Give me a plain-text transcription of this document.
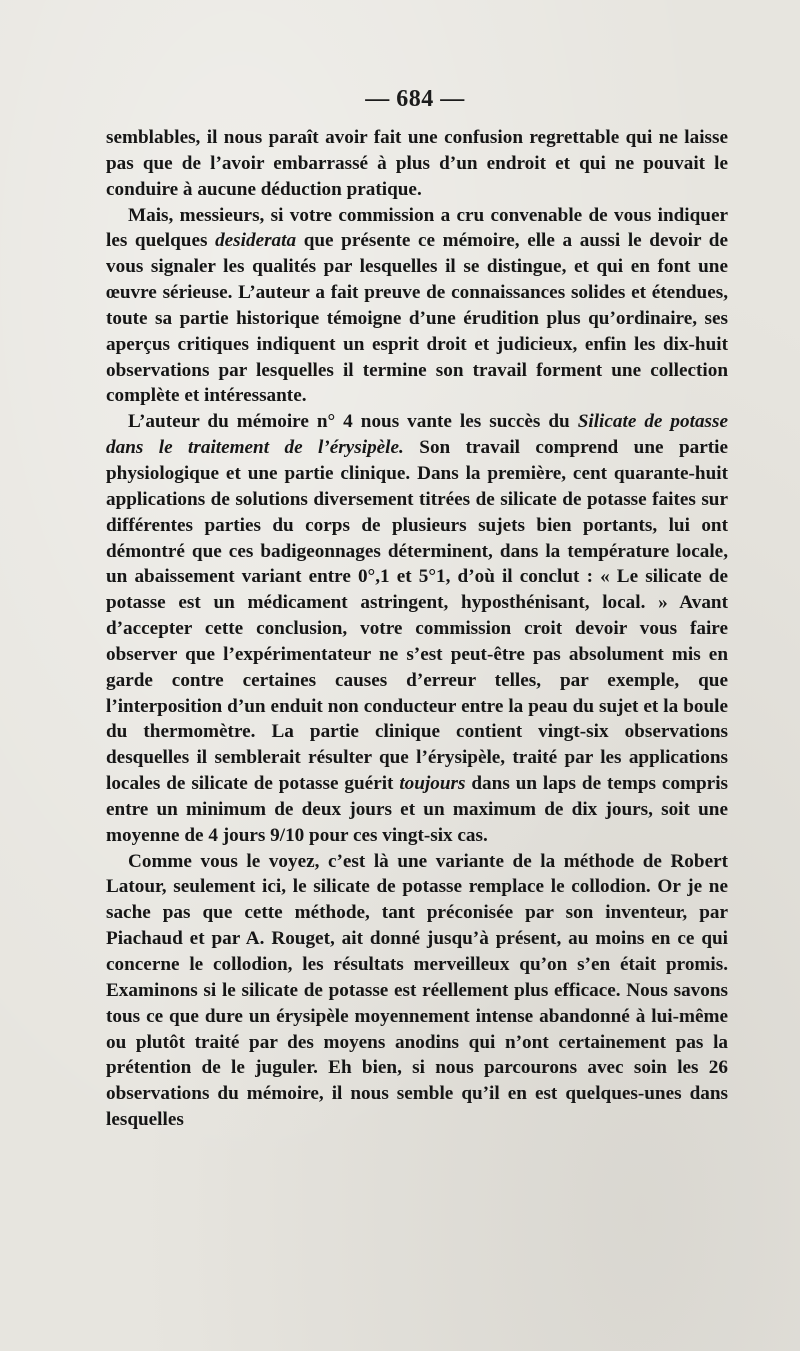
— 684 —

semblables, il nous paraît avoir fait une confusion regrettable qui ne laisse pas que de l’avoir embarrassé à plus d’un endroit et qui ne pouvait le conduire à aucune déduction pratique.

Mais, messieurs, si votre commission a cru convenable de vous indiquer les quelques desiderata que présente ce mémoire, elle a aussi le devoir de vous signaler les qualités par lesquelles il se distingue, et qui en font une œuvre sérieuse. L’auteur a fait preuve de connaissances solides et étendues, toute sa partie historique témoigne d’une érudition plus qu’ordinaire, ses aperçus critiques indiquent un esprit droit et judicieux, enfin les dix-huit observations par lesquelles il termine son travail forment une collection complète et intéressante.

L’auteur du mémoire n° 4 nous vante les succès du Silicate de potasse dans le traitement de l’érysipèle. Son travail comprend une partie physiologique et une partie clinique. Dans la première, cent quarante-huit applications de solutions diversement titrées de silicate de potasse faites sur différentes parties du corps de plusieurs sujets bien portants, lui ont démontré que ces badigeonnages déterminent, dans la température locale, un abaissement variant entre 0°,1 et 5°1, d’où il conclut : « Le silicate de potasse est un médicament astringent, hyposthénisant, local. » Avant d’accepter cette conclusion, votre commission croit devoir vous faire observer que l’expérimentateur ne s’est peut-être pas absolument mis en garde contre certaines causes d’erreur telles, par exemple, que l’interposition d’un enduit non conducteur entre la peau du sujet et la boule du thermomètre. La partie clinique contient vingt-six observations desquelles il semblerait résulter que l’érysipèle, traité par les applications locales de silicate de potasse guérit toujours dans un laps de temps compris entre un minimum de deux jours et un maximum de dix jours, soit une moyenne de 4 jours 9/10 pour ces vingt-six cas.

Comme vous le voyez, c’est là une variante de la méthode de Robert Latour, seulement ici, le silicate de potasse remplace le collodion. Or je ne sache pas que cette méthode, tant préconisée par son inventeur, par Piachaud et par A. Rouget, ait donné jusqu’à présent, au moins en ce qui concerne le collodion, les résultats merveilleux qu’on s’en était promis. Examinons si le silicate de potasse est réellement plus efficace. Nous savons tous ce que dure un érysipèle moyennement intense abandonné à lui-même ou plutôt traité par des moyens anodins qui n’ont certainement pas la prétention de le juguler. Eh bien, si nous parcourons avec soin les 26 observations du mémoire, il nous semble qu’il en est quelques-unes dans lesquelles
